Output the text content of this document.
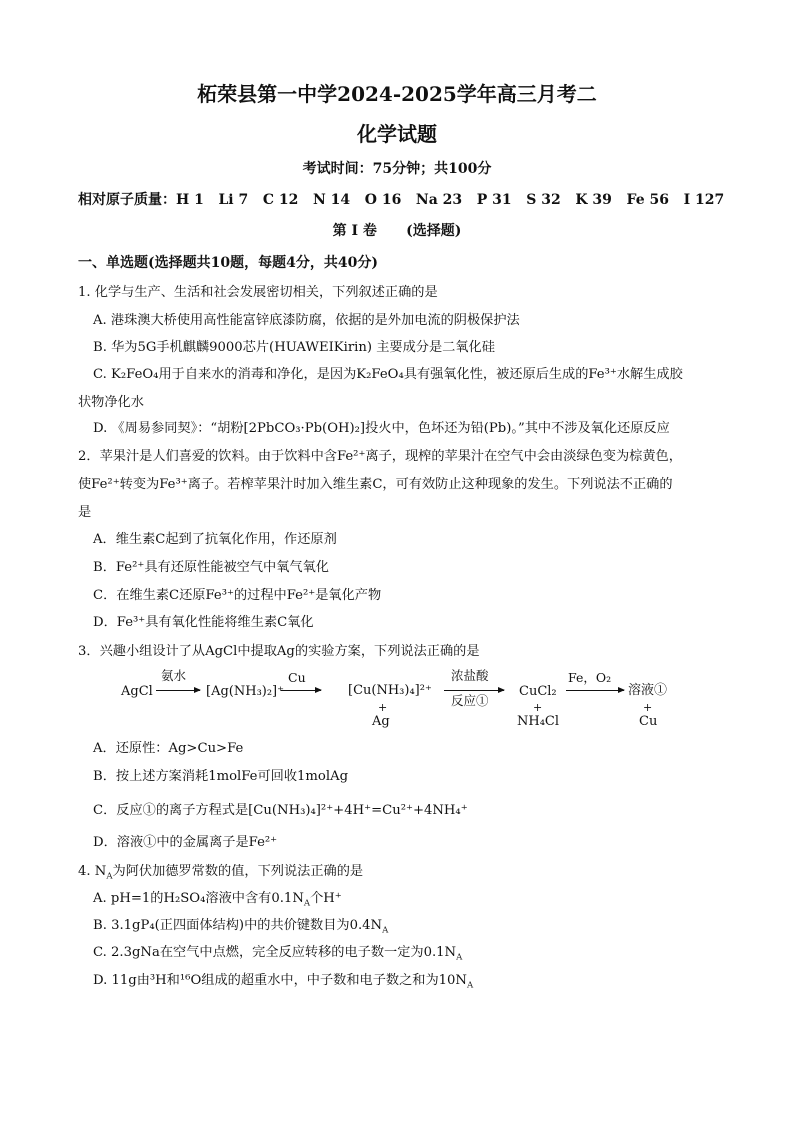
柘荣县第一中学2024-2025学年高三月考二
化学试题
考试时间：75分钟；共100分
相对原子质量：H 1   Li 7   C 12   N 14   O 16   Na 23   P 31   S 32   K 39   Fe 56   I 127
第 I 卷      (选择题)
一、单选题(选择题共10题，每题4分，共40分)
1. 化学与生产、生活和社会发展密切相关，下列叙述正确的是
A. 港珠澳大桥使用高性能富锌底漆防腐，依据的是外加电流的阴极保护法
B. 华为5G手机麒麟9000芯片(HUAWEIKirin) 主要成分是二氧化硅
C. K₂FeO₄用于自来水的消毒和净化，是因为K₂FeO₄具有强氧化性，被还原后生成的Fe³⁺水解生成胶
状物净化水
D. 《周易参同契》：“胡粉[2PbCO₃·Pb(OH)₂]投火中，色坏还为铅(Pb)。”其中不涉及氧化还原反应
2．苹果汁是人们喜爱的饮料。由于饮料中含Fe²⁺离子，现榨的苹果汁在空气中会由淡绿色变为棕黄色，
使Fe²⁺转变为Fe³⁺离子。若榨苹果汁时加入维生素C，可有效防止这种现象的发生。下列说法不正确的
是
A．维生素C起到了抗氧化作用，作还原剂
B．Fe²⁺具有还原性能被空气中氧气氧化
C．在维生素C还原Fe³⁺的过程中Fe²⁺是氧化产物
D．Fe³⁺具有氧化性能将维生素C氧化
3．兴趣小组设计了从AgCl中提取Ag的实验方案，下列说法正确的是
AgCl
氨水
[Ag(NH₃)₂]⁺
Cu
[Cu(NH₃)₄]²⁺
+
Ag
浓盐酸
反应①
CuCl₂
+
NH₄Cl
Fe，O₂
溶液①
+
Cu
A．还原性：Ag>Cu>Fe
B．按上述方案消耗1molFe可回收1molAg
C．反应①的离子方程式是[Cu(NH₃)₄]²⁺+4H⁺=Cu²⁺+4NH₄⁺
D．溶液①中的金属离子是Fe²⁺
4. $N_A$为阿伏加德罗常数的值，下列说法正确的是
A. pH=1的H₂SO₄溶液中含有$0.1N_A$个H⁺
B. 3.1gP₄(正四面体结构)中的共价键数目为$0.4N_A$
C. 2.3gNa在空气中点燃，完全反应转移的电子数一定为$0.1N_A$
D. 11g由³H和¹⁶O组成的超重水中，中子数和电子数之和为$10N_A$
